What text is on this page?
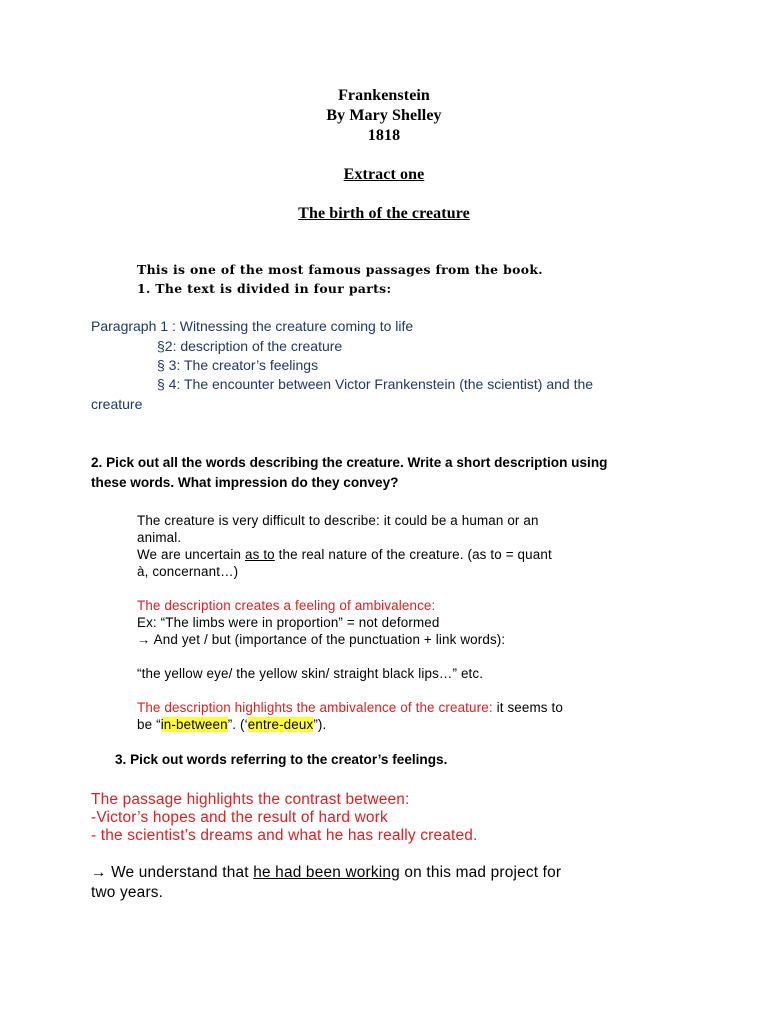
Frankenstein

By Mary Shelley

1818

Extract one

The birth of the creature

This is one of the most famous passages from the book.

1. The text is divided in four parts:

Paragraph 1 : Witnessing the creature coming to life

§2: description of the creature

§ 3: The creator’s feelings

§ 4: The encounter between Victor Frankenstein (the scientist) and the

creature

2. Pick out all the words describing the creature. Write a short description using

these words. What impression do they convey?

The creature is very difficult to describe: it could be a human or an

animal.

We are uncertain as to the real nature of the creature. (as to = quant

à, concernant…)

The description creates a feeling of ambivalence:

Ex: “The limbs were in proportion” = not deformed

→ And yet / but (importance of the punctuation + link words):

“the yellow eye/ the yellow skin/ straight black lips…” etc.

The description highlights the ambivalence of the creature: it seems to

be “in-between”. (‘entre-deux”).

3. Pick out words referring to the creator’s feelings.

The passage highlights the contrast between:

-Victor’s hopes and the result of hard work

- the scientist’s dreams and what he has really created.

→ We understand that he had been working on this mad project for

two years.
